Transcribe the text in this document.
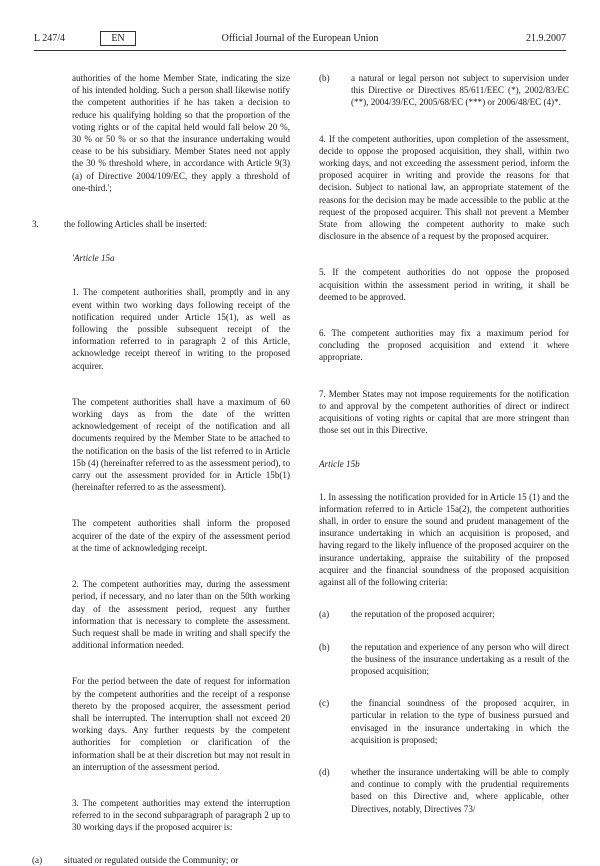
L 247/4	EN	Official Journal of the European Union	21.9.2007

authorities of the home Member State, indicating the size of his intended holding. Such a person shall likewise notify the competent authorities if he has taken a decision to reduce his qualifying holding so that the proportion of the voting rights or of the capital held would fall below 20 %, 30 % or 50 % or so that the insurance undertaking would cease to be his subsidiary. Member States need not apply the 30 % threshold where, in accordance with Article 9(3)(a) of Directive 2004/109/EC, they apply a threshold of one-third.';

3.	the following Articles shall be inserted:

'Article 15a

1. The competent authorities shall, promptly and in any event within two working days following receipt of the notification required under Article 15(1), as well as following the possible subsequent receipt of the information referred to in paragraph 2 of this Article, acknowledge receipt thereof in writing to the proposed acquirer.

The competent authorities shall have a maximum of 60 working days as from the date of the written acknowledgement of receipt of the notification and all documents required by the Member State to be attached to the notification on the basis of the list referred to in Article 15b (4) (hereinafter referred to as the assessment period), to carry out the assessment provided for in Article 15b(1) (hereinafter referred to as the assessment).

The competent authorities shall inform the proposed acquirer of the date of the expiry of the assessment period at the time of acknowledging receipt.

2. The competent authorities may, during the assessment period, if necessary, and no later than on the 50th working day of the assessment period, request any further information that is necessary to complete the assessment. Such request shall be made in writing and shall specify the additional information needed.

For the period between the date of request for information by the competent authorities and the receipt of a response thereto by the proposed acquirer, the assessment period shall be interrupted. The interruption shall not exceed 20 working days. Any further requests by the competent authorities for completion or clarification of the information shall be at their discretion but may not result in an interruption of the assessment period.

3. The competent authorities may extend the interruption referred to in the second subparagraph of paragraph 2 up to 30 working days if the proposed acquirer is:

(a)	situated or regulated outside the Community; or
(b)	a natural or legal person not subject to supervision under this Directive or Directives 85/611/EEC (*), 2002/83/EC (**), 2004/39/EC, 2005/68/EC (***) or 2006/48/EC (4)*.

4. If the competent authorities, upon completion of the assessment, decide to oppose the proposed acquisition, they shall, within two working days, and not exceeding the assessment period, inform the proposed acquirer in writing and provide the reasons for that decision. Subject to national law, an appropriate statement of the reasons for the decision may be made accessible to the public at the request of the proposed acquirer. This shall not prevent a Member State from allowing the competent authority to make such disclosure in the absence of a request by the proposed acquirer.

5. If the competent authorities do not oppose the proposed acquisition within the assessment period in writing, it shall be deemed to be approved.

6. The competent authorities may fix a maximum period for concluding the proposed acquisition and extend it where appropriate.

7. Member States may not impose requirements for the notification to and approval by the competent authorities of direct or indirect acquisitions of voting rights or capital that are more stringent than those set out in this Directive.

Article 15b

1. In assessing the notification provided for in Article 15 (1) and the information referred to in Article 15a(2), the competent authorities shall, in order to ensure the sound and prudent management of the insurance undertaking in which an acquisition is proposed, and having regard to the likely influence of the proposed acquirer on the insurance undertaking, appraise the suitability of the proposed acquirer and the financial soundness of the proposed acquisition against all of the following criteria:

(a)	the reputation of the proposed acquirer;
(b)	the reputation and experience of any person who will direct the business of the insurance undertaking as a result of the proposed acquisition;
(c)	the financial soundness of the proposed acquirer, in particular in relation to the type of business pursued and envisaged in the insurance undertaking in which the acquisition is proposed;
(d)	whether the insurance undertaking will be able to comply and continue to comply with the prudential requirements based on this Directive and, where applicable, other Directives, notably, Directives 73/
